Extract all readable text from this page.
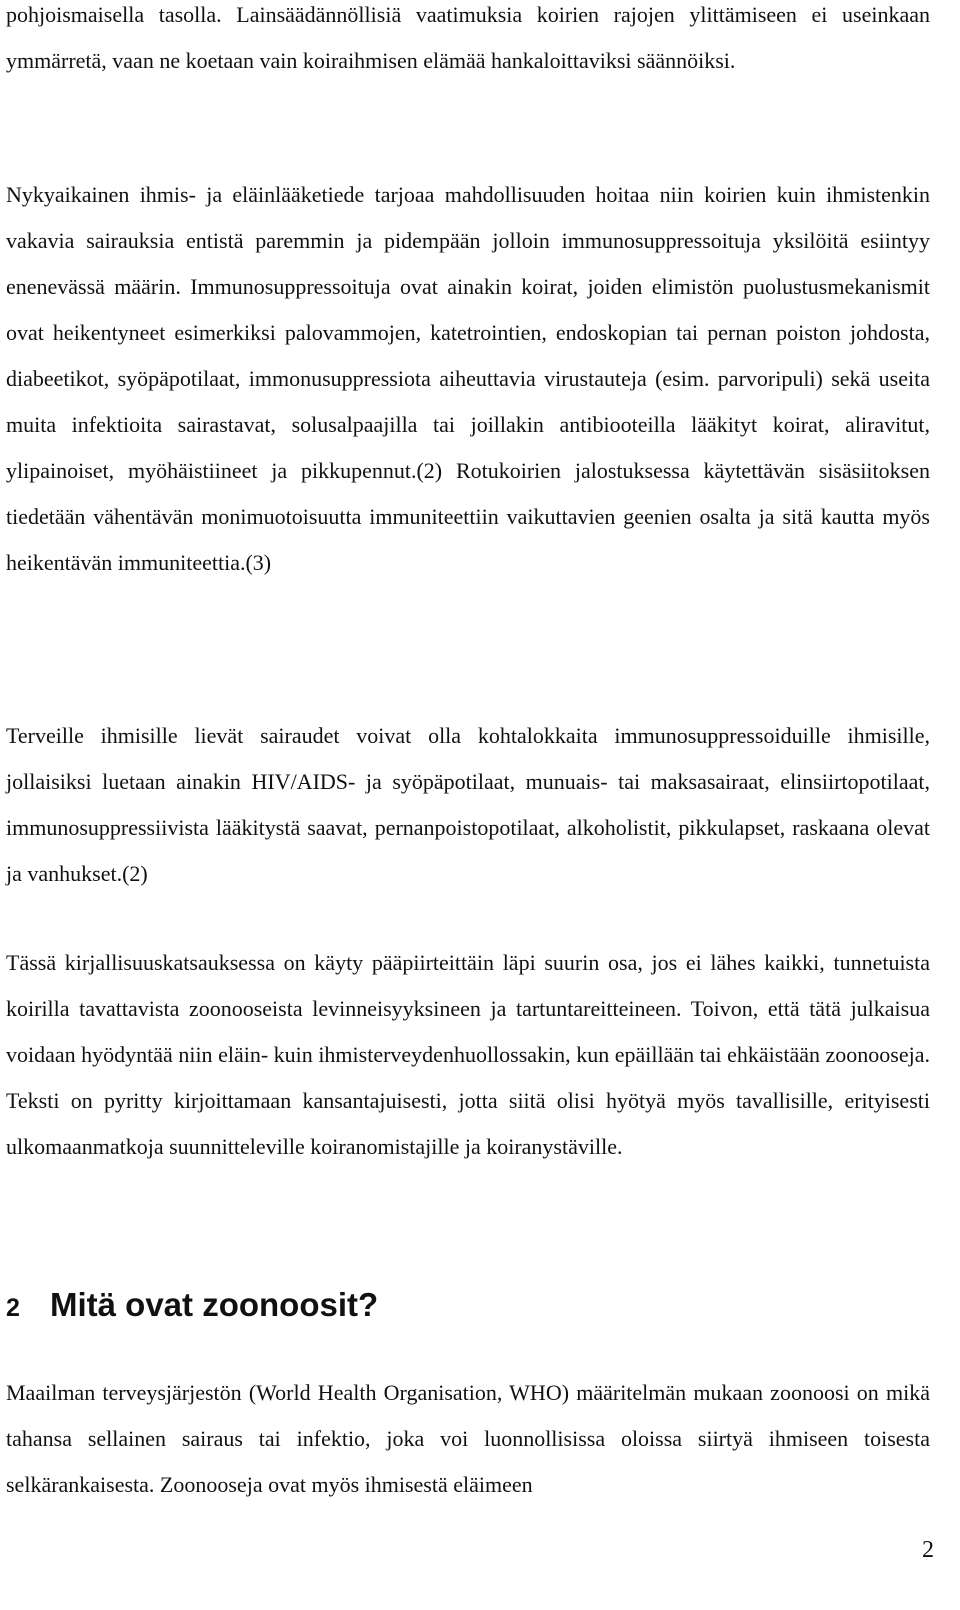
pohjoismaisella tasolla. Lainsäädännöllisiä vaatimuksia koirien rajojen ylittämiseen ei useinkaan ymmärretä, vaan ne koetaan vain koiraihmisen elämää hankaloittaviksi säännöiksi.

Nykyaikainen ihmis- ja eläinlääketiede tarjoaa mahdollisuuden hoitaa niin koirien kuin ihmistenkin vakavia sairauksia entistä paremmin ja pidempään jolloin immunosuppressoituja yksilöitä esiintyy enenevässä määrin. Immunosuppressoituja ovat ainakin koirat, joiden elimistön puolustusmekanismit ovat heikentyneet esimerkiksi palovammojen, katetrointien, endoskopian tai pernan poiston johdosta, diabeetikot, syöpäpotilaat, immonusuppressiota aiheuttavia virustauteja (esim. parvoripuli) sekä useita muita infektioita sairastavat, solusalpaajilla tai joillakin antibiooteilla lääkityt koirat, aliravitut, ylipainoiset, myöhäistiineet ja pikkupennut.(2) Rotukoirien jalostuksessa käytettävän sisäsiitoksen tiedetään vähentävän monimuotoisuutta immuniteettiin vaikuttavien geenien osalta ja sitä kautta myös heikentävän immuniteettia.(3)

Terveille ihmisille lievät sairaudet voivat olla kohtalokkaita immunosuppressoiduille ihmisille, jollaisiksi luetaan ainakin HIV/AIDS- ja syöpäpotilaat, munuais- tai maksasairaat, elinsiirtopotilaat, immunosuppressiivista lääkitystä saavat, pernanpoistopotilaat, alkoholistit, pikkulapset, raskaana olevat ja vanhukset.(2)

Tässä kirjallisuuskatsauksessa on käyty pääpiirteittäin läpi suurin osa, jos ei lähes kaikki, tunnetuista koirilla tavattavista zoonooseista levinneisyyksineen ja tartuntareitteineen. Toivon, että tätä julkaisua voidaan hyödyntää niin eläin- kuin ihmisterveydenhuollossakin, kun epäillään tai ehkäistään zoonooseja. Teksti on pyritty kirjoittamaan kansantajuisesti, jotta siitä olisi hyötyä myös tavallisille, erityisesti ulkomaanmatkoja suunnitteleville koiranomistajille ja koiranystäville.

2 Mitä ovat zoonoosit?

Maailman terveysjärjestön (World Health Organisation, WHO) määritelmän mukaan zoonoosi on mikä tahansa sellainen sairaus tai infektio, joka voi luonnollisissa oloissa siirtyä ihmiseen toisesta selkärankaisesta. Zoonooseja ovat myös ihmisestä eläimeen

2
